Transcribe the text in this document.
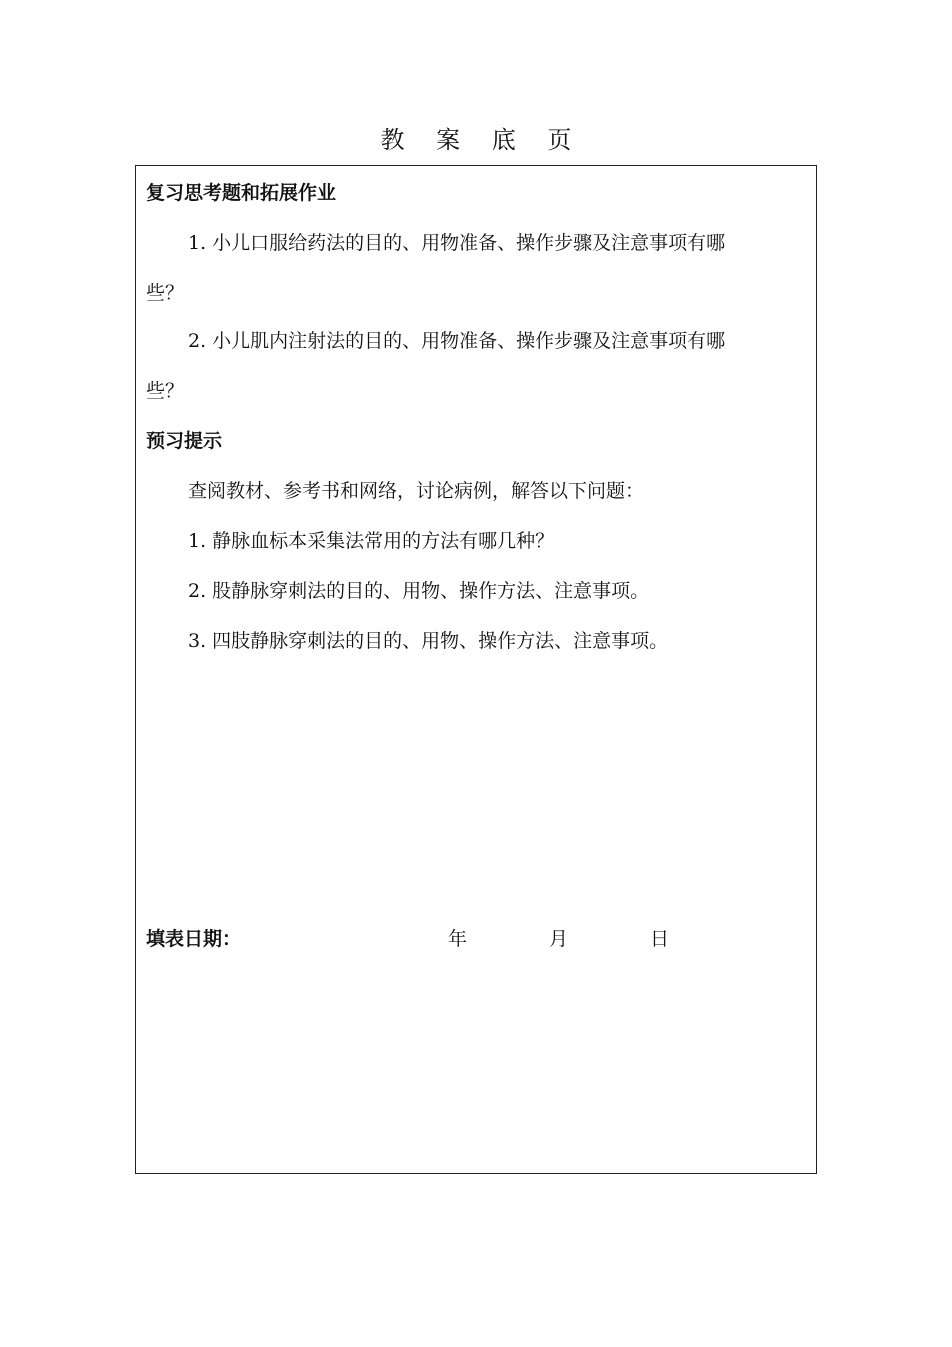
教 案 底 页
复习思考题和拓展作业
1. 小儿口服给药法的目的、用物准备、操作步骤及注意事项有哪
些？
2. 小儿肌内注射法的目的、用物准备、操作步骤及注意事项有哪
些？
预习提示
查阅教材、参考书和网络，讨论病例，解答以下问题：
1. 静脉血标本采集法常用的方法有哪几种？
2. 股静脉穿刺法的目的、用物、操作方法、注意事项。
3. 四肢静脉穿刺法的目的、用物、操作方法、注意事项。
填表日期：	年	月	日
